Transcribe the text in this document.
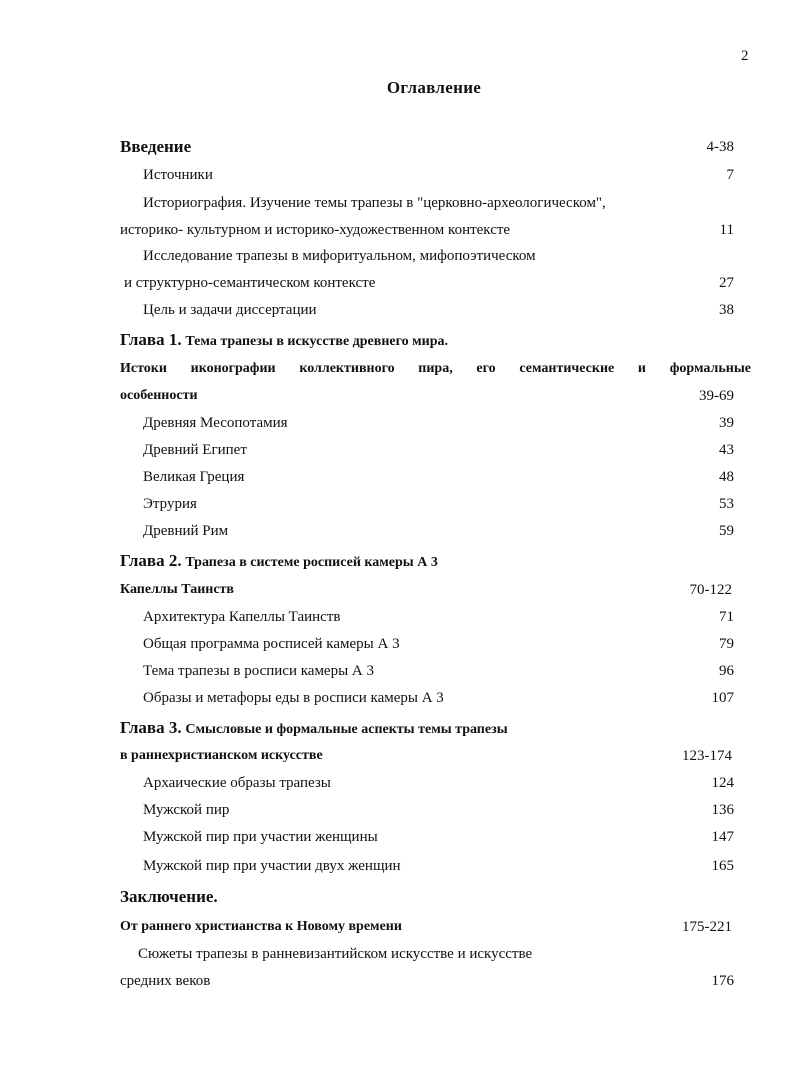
2
Оглавление
Введение	4-38
Источники	7
Историография. Изучение темы трапезы в "церковно-археологическом",
историко- культурном и историко-художественном контексте	11
Исследование трапезы в мифоритуальном, мифопоэтическом
и структурно-семантическом контексте	27
Цель и задачи диссертации	38
Глава 1. Тема трапезы в искусстве древнего мира.
Истоки иконографии коллективного пира, его семантические и формальные
особенности	39-69
Древняя Месопотамия	39
Древний Египет	43
Великая Греция	48
Этрурия	53
Древний Рим	59
Глава 2. Трапеза в системе росписей камеры А 3
Капеллы Таинств	70-122
Архитектура Капеллы Таинств	71
Общая программа росписей камеры А 3	79
Тема трапезы в росписи камеры А 3	96
Образы и метафоры еды в росписи камеры А 3	107
Глава 3. Смысловые и формальные аспекты темы трапезы
в раннехристианском искусстве	123-174
Архаические образы трапезы	124
Мужской пир	136
Мужской пир при участии женщины	147
Мужской пир при участии двух женщин	165
Заключение.
От раннего христианства к Новому времени	175-221
Сюжеты трапезы в ранневизантийском искусстве и искусстве
средних веков	176
